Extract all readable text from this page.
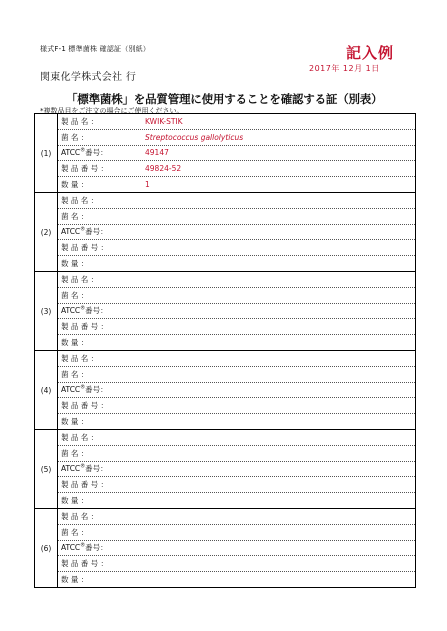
様式F-1 標準菌株 確認証（別紙）	記入例
2017年 12月 1日
関東化学株式会社 行
「標準菌株」を品質管理に使用することを確認する証（別表）
*複数品目をご注文の場合にご使用ください。
(1)
製 品 名 ：	KWIK-STIK
菌 名 ：	Streptococcus gallolyticus
ATCC®番号：	49147
製 品 番 号 ：	49824-52
数 量 ：	1
(2)
製 品 名 ：
菌 名 ：
ATCC®番号：
製 品 番 号 ：
数 量 ：
(3)
製 品 名 ：
菌 名 ：
ATCC®番号：
製 品 番 号 ：
数 量 ：
(4)
製 品 名 ：
菌 名 ：
ATCC®番号：
製 品 番 号 ：
数 量 ：
(5)
製 品 名 ：
菌 名 ：
ATCC®番号：
製 品 番 号 ：
数 量 ：
(6)
製 品 名 ：
菌 名 ：
ATCC®番号：
製 品 番 号 ：
数 量 ：
